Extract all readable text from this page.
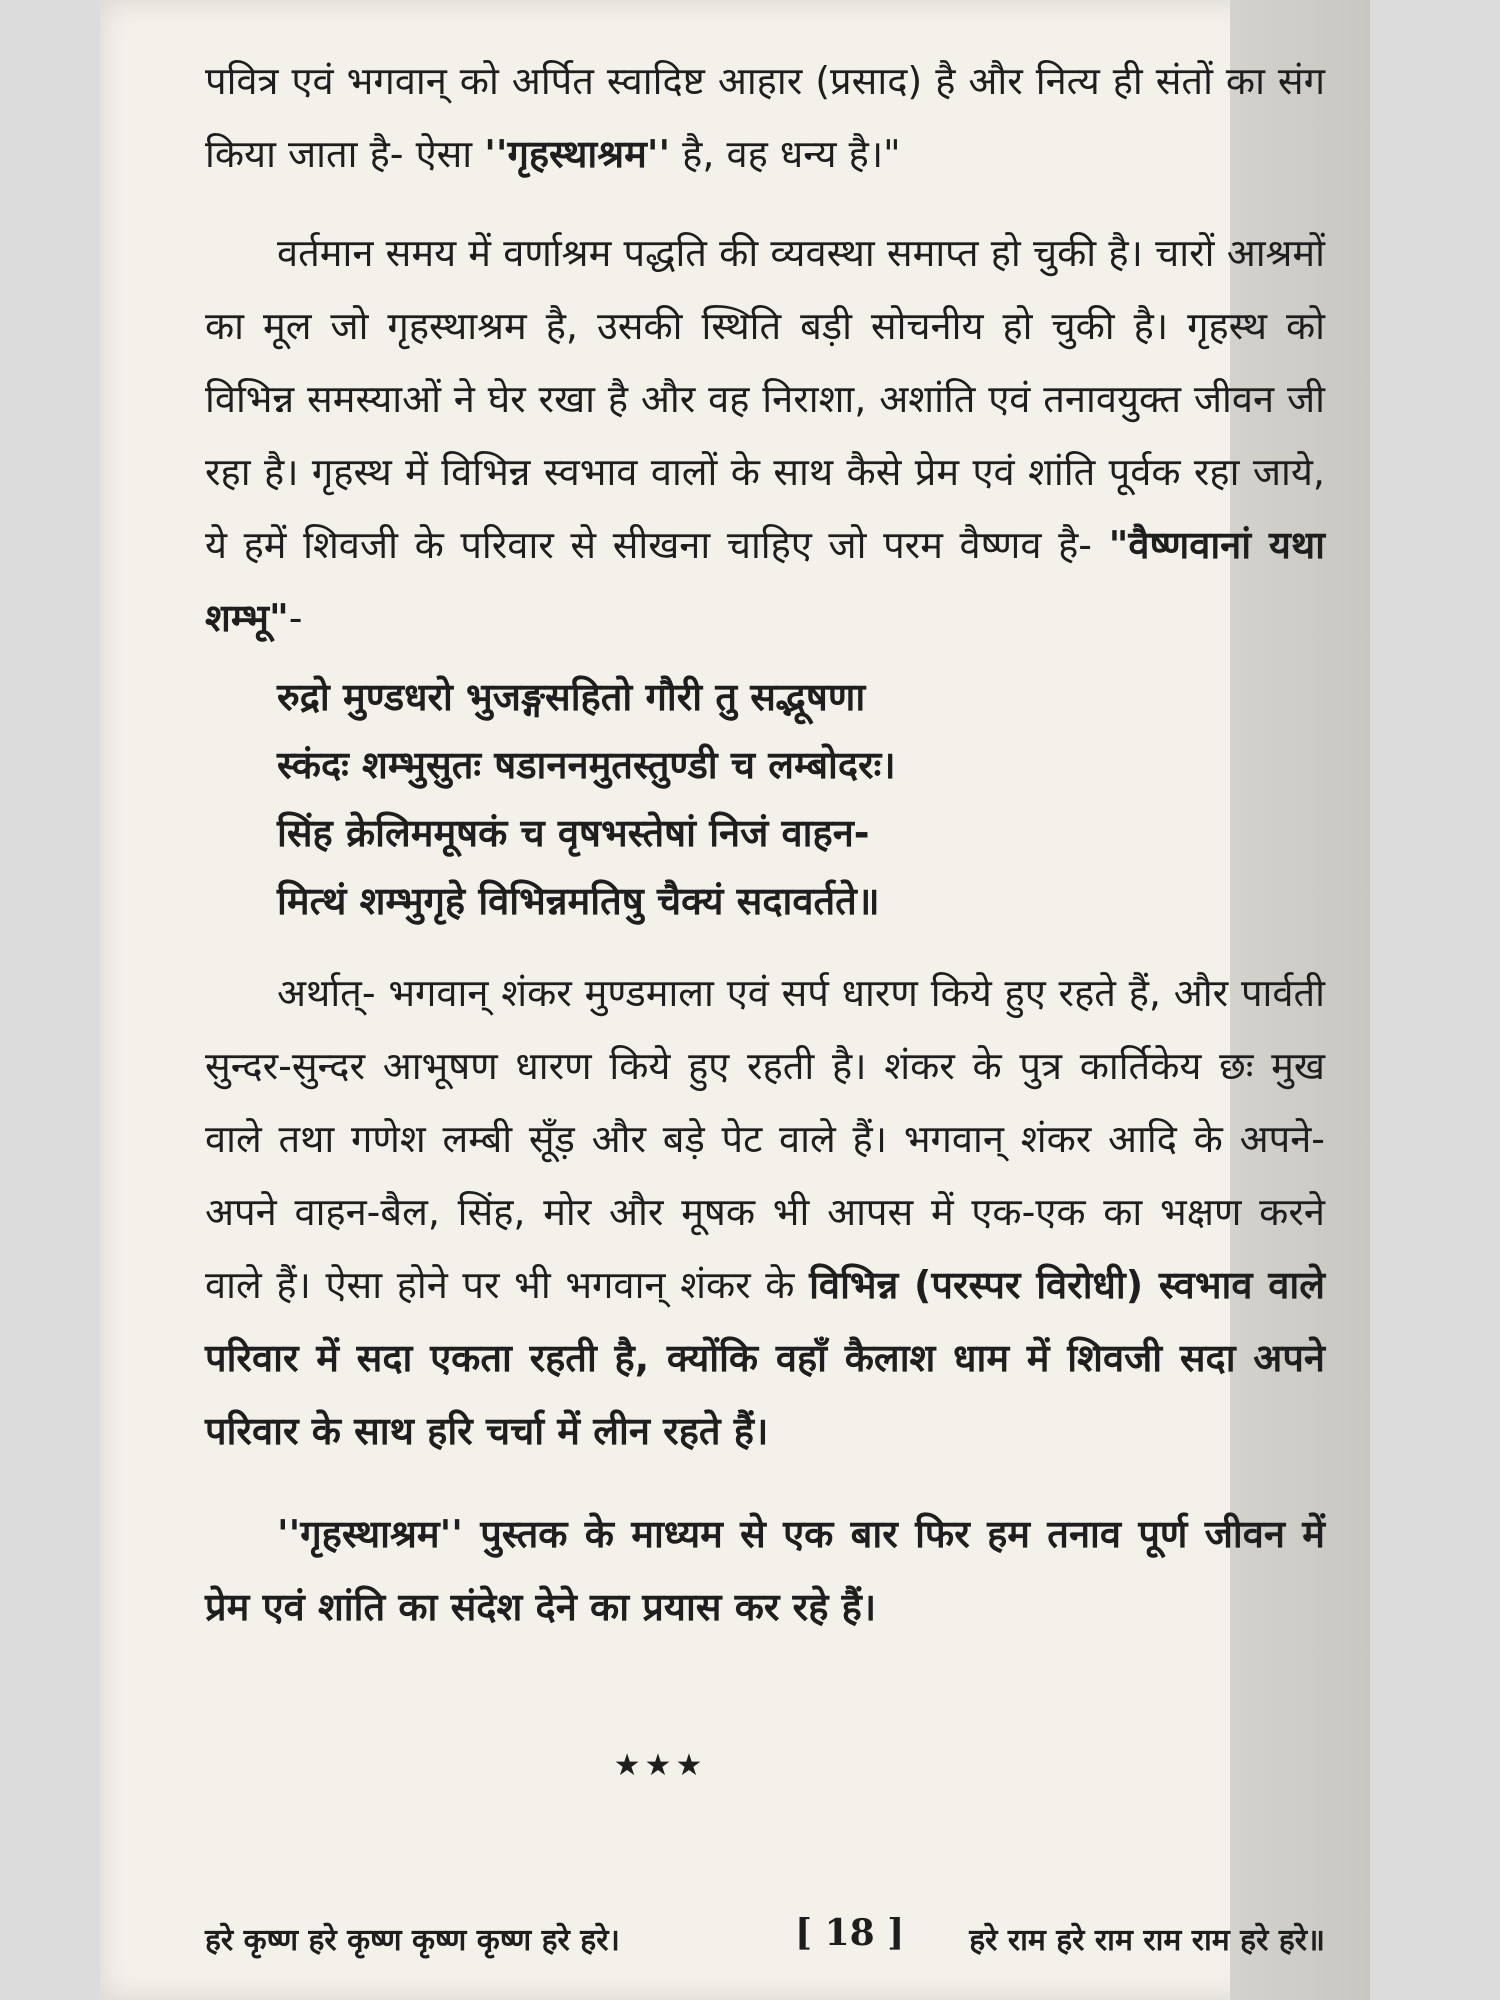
पवित्र एवं भगवान् को अर्पित स्वादिष्ट आहार (प्रसाद) है और नित्य ही संतों का संग किया जाता है- ऐसा ''गृहस्थाश्रम'' है, वह धन्य है।"

वर्तमान समय में वर्णाश्रम पद्धति की व्यवस्था समाप्त हो चुकी है। चारों आश्रमों का मूल जो गृहस्थाश्रम है, उसकी स्थिति बड़ी सोचनीय हो चुकी है। गृहस्थ को विभिन्न समस्याओं ने घेर रखा है और वह निराशा, अशांति एवं तनावयुक्त जीवन जी रहा है। गृहस्थ में विभिन्न स्वभाव वालों के साथ कैसे प्रेम एवं शांति पूर्वक रहा जाये, ये हमें शिवजी के परिवार से सीखना चाहिए जो परम वैष्णव है- "वैष्णवानां यथा शम्भू"-

रुद्रो मुण्डधरो भुजङ्गसहितो गौरी तु सद्भूषणा
स्कंदः शम्भुसुतः षडाननमुतस्तुण्डी च लम्बोदरः।
सिंह क्रेलिममूषकं च वृषभस्तेषां निजं वाहन-
मित्थं शम्भुगृहे विभिन्नमतिषु चैक्यं सदावर्तते॥

अर्थात्- भगवान् शंकर मुण्डमाला एवं सर्प धारण किये हुए रहते हैं, और पार्वती सुन्दर-सुन्दर आभूषण धारण किये हुए रहती है। शंकर के पुत्र कार्तिकेय छः मुख वाले तथा गणेश लम्बी सूँड़ और बड़े पेट वाले हैं। भगवान् शंकर आदि के अपने-अपने वाहन-बैल, सिंह, मोर और मूषक भी आपस में एक-एक का भक्षण करने वाले हैं। ऐसा होने पर भी भगवान् शंकर के विभिन्न (परस्पर विरोधी) स्वभाव वाले परिवार में सदा एकता रहती है, क्योंकि वहाँ कैलाश धाम में शिवजी सदा अपने परिवार के साथ हरि चर्चा में लीन रहते हैं।

''गृहस्थाश्रम'' पुस्तक के माध्यम से एक बार फिर हम तनाव पूर्ण जीवन में प्रेम एवं शांति का संदेश देने का प्रयास कर रहे हैं।

★★★
हरे कृष्ण हरे कृष्ण कृष्ण कृष्ण हरे हरे।	[ 18 ] हरे राम हरे राम राम राम हरे हरे॥
